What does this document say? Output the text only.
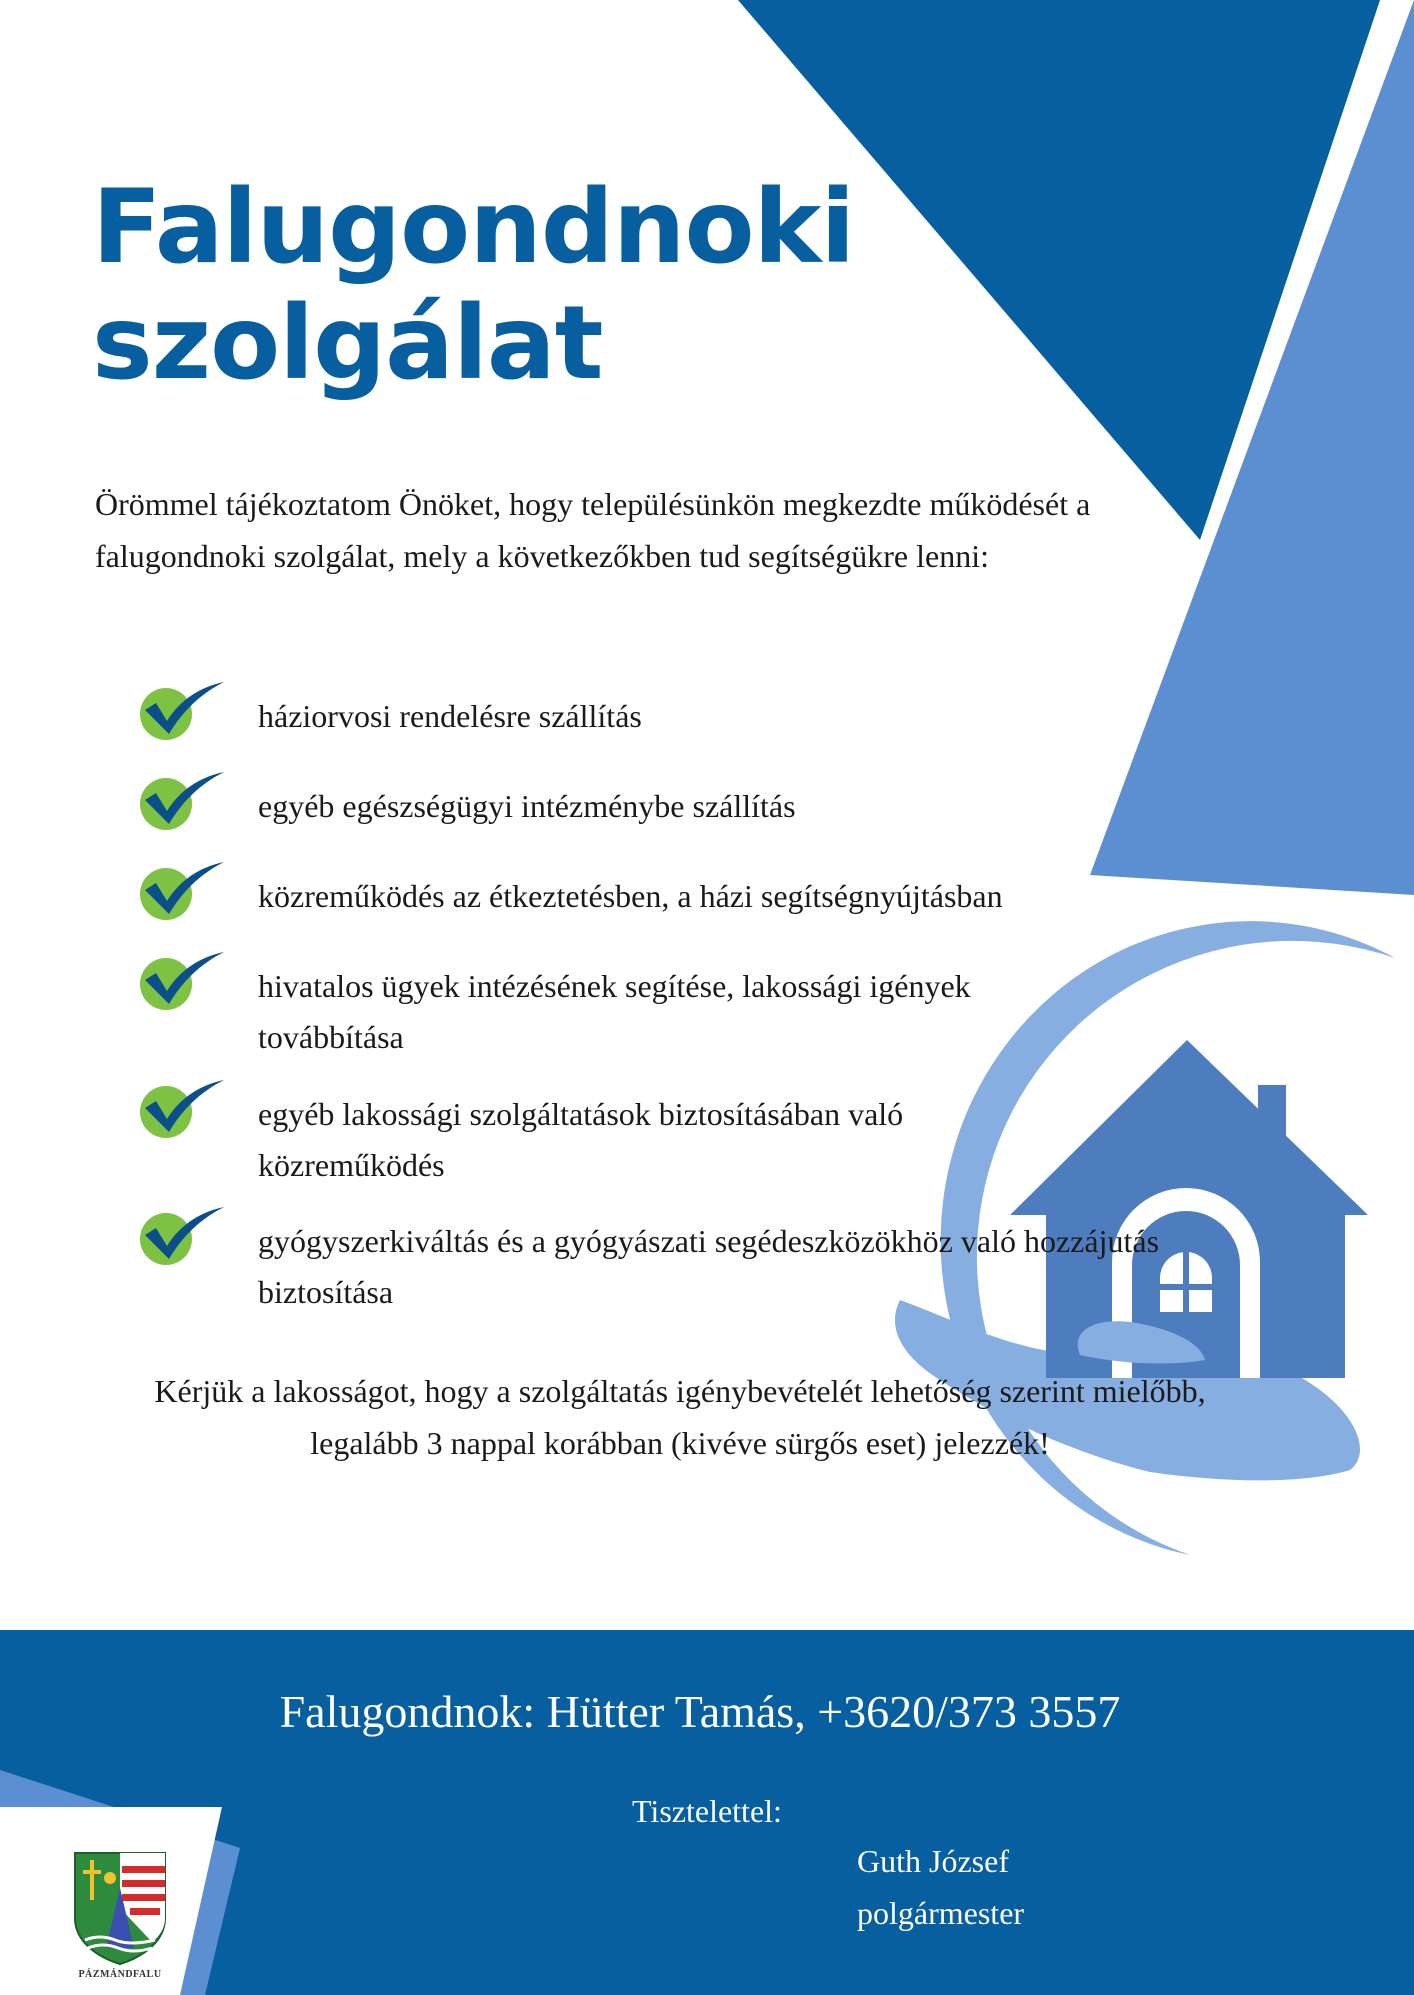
Falugondnoki
szolgálat

Örömmel tájékoztatom Önöket, hogy településünkön megkezdte működését a falugondnoki szolgálat, mely a következőkben tud segítségükre lenni:

háziorvosi rendelésre szállítás
egyéb egészségügyi intézménybe szállítás
közreműködés az étkeztetésben, a házi segítségnyújtásban
hivatalos ügyek intézésének segítése, lakossági igények továbbítása
egyéb lakossági szolgáltatások biztosításában való közreműködés
gyógyszerkiváltás és a gyógyászati segédeszközökhöz való hozzájutás biztosítása

Kérjük a lakosságot, hogy a szolgáltatás igénybevételét lehetőség szerint mielőbb, legalább 3 nappal korábban (kivéve sürgős eset) jelezzék!

Falugondnok: Hütter Tamás, +3620/373 3557
Tisztelettel:
Guth József
polgármester
PÁZMÁNDFALU
